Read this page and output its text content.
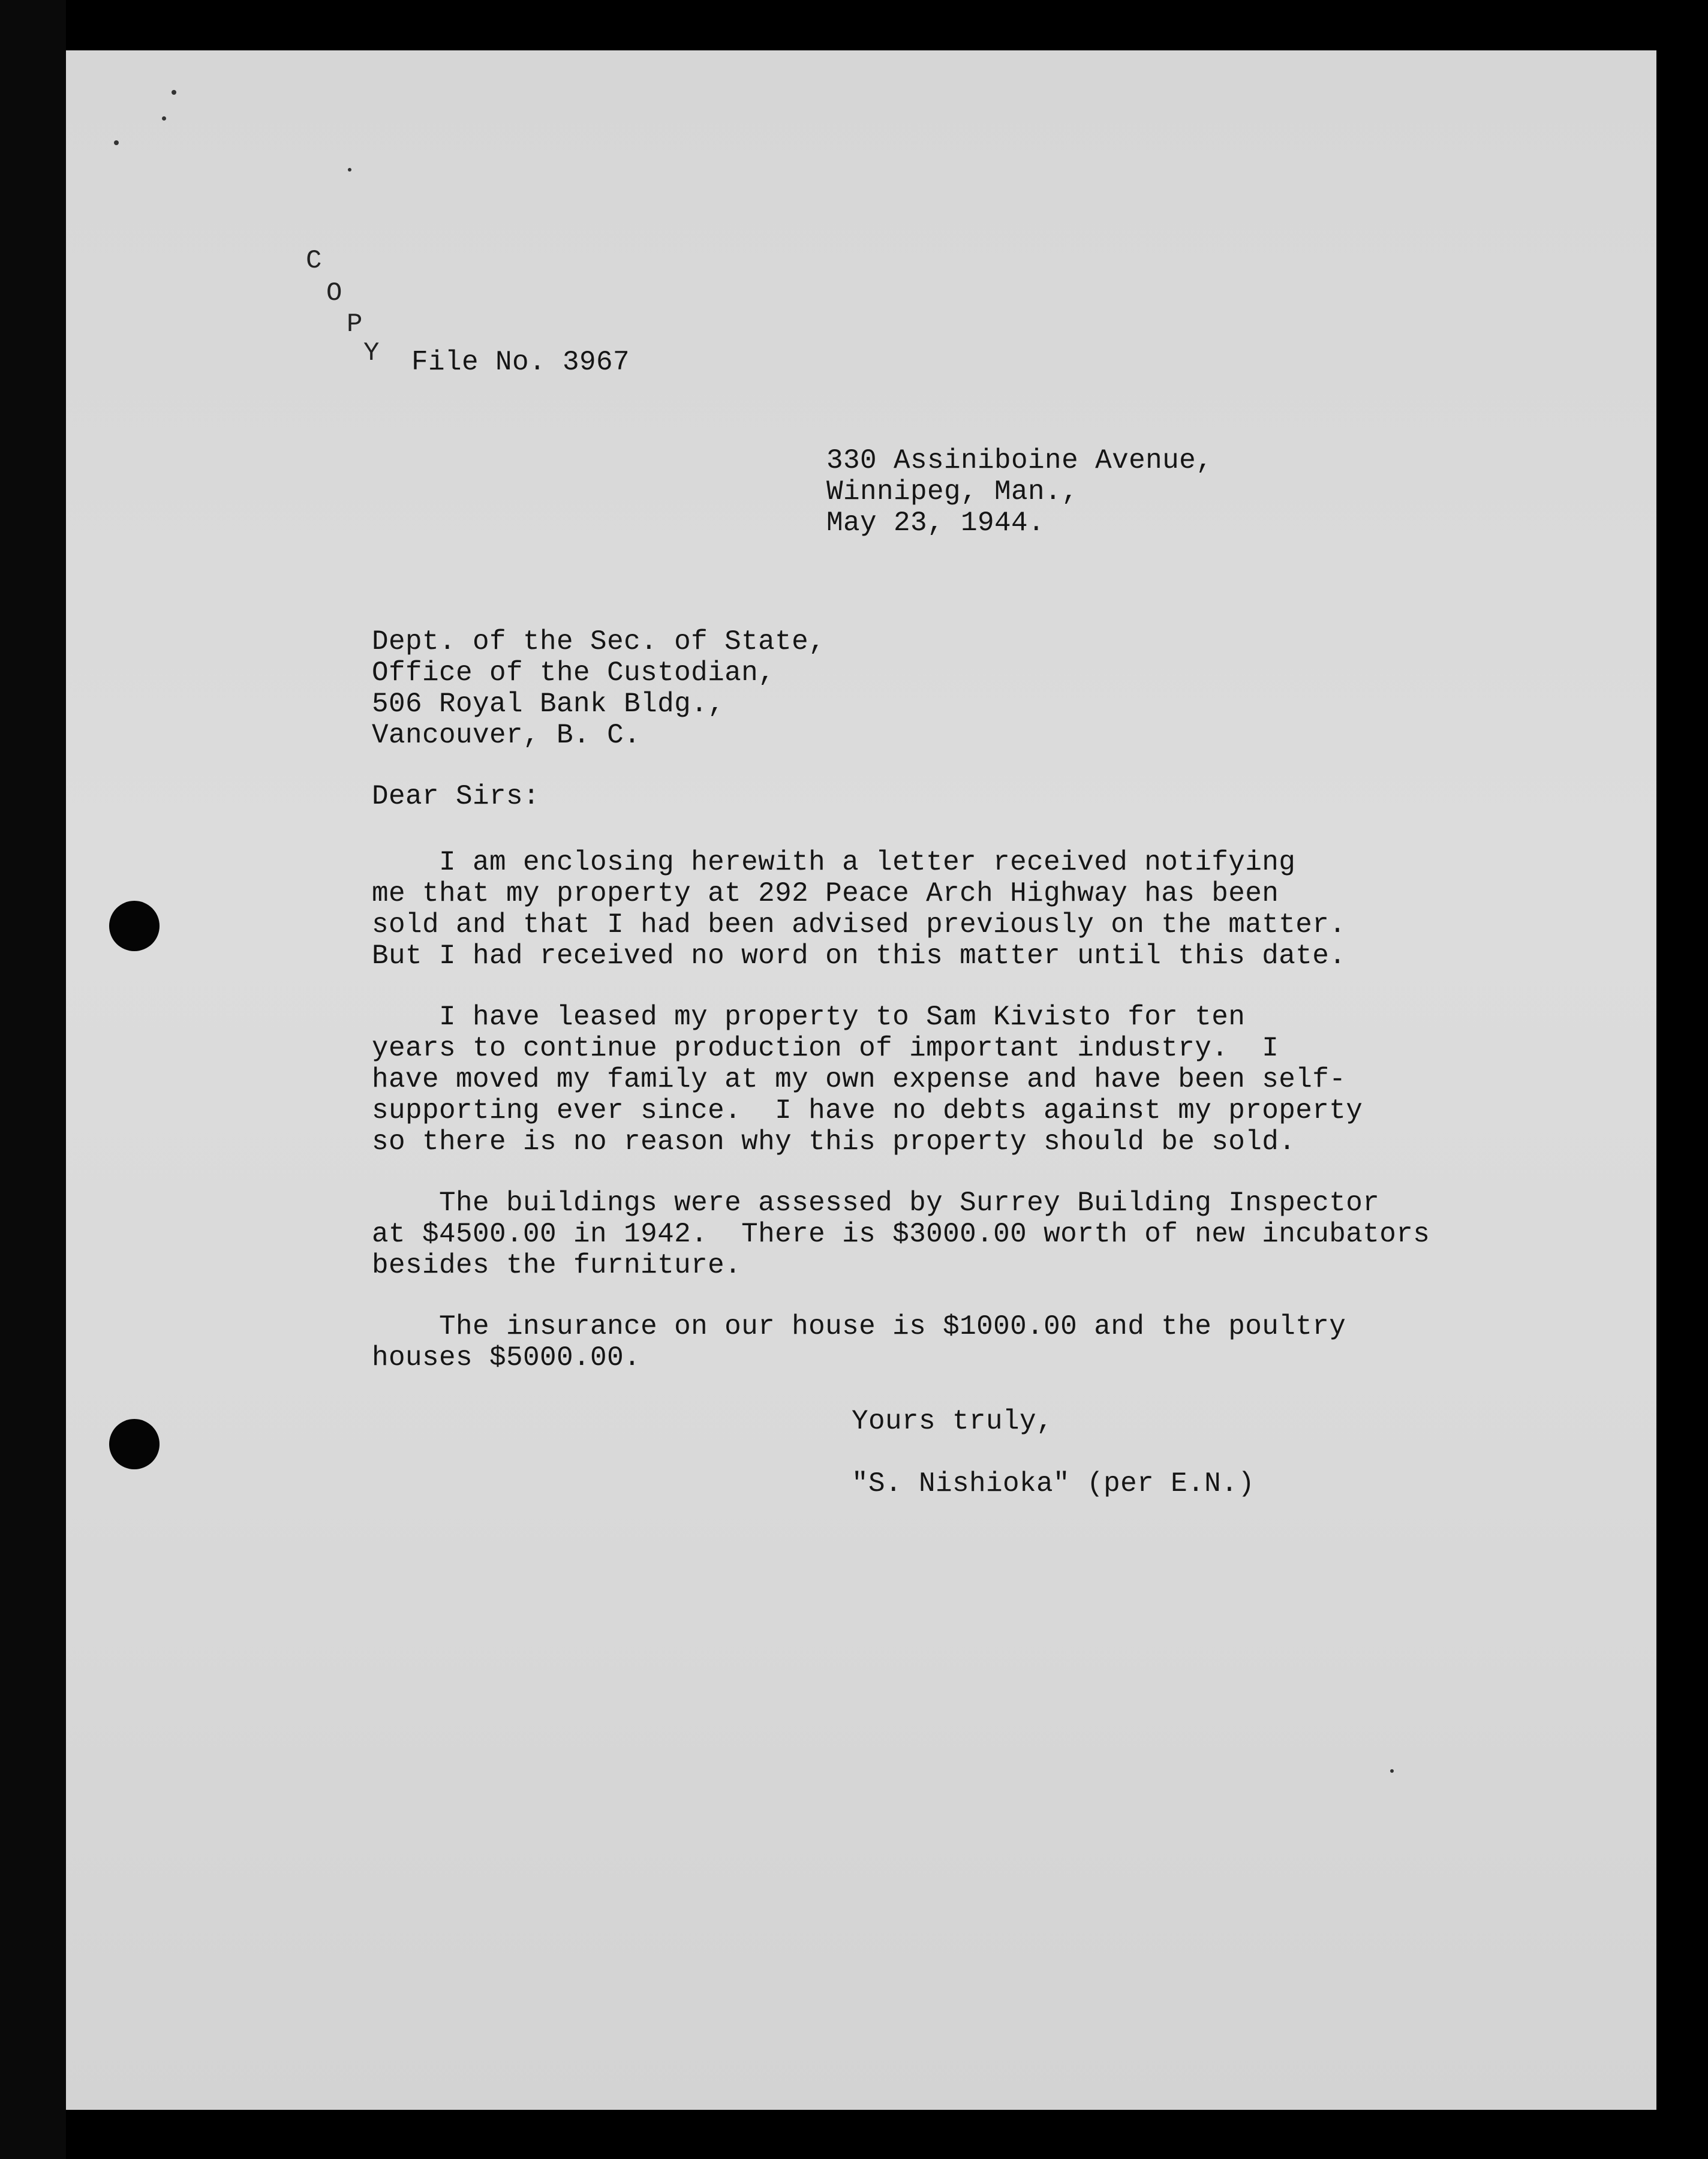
C
O
P
Y File No. 3967
330 Assiniboine Avenue,
Winnipeg, Man.,
May 23, 1944.
Dept. of the Sec. of State,
Office of the Custodian,
506 Royal Bank Bldg.,
Vancouver, B. C.
Dear Sirs:
I am enclosing herewith a letter received notifying
me that my property at 292 Peace Arch Highway has been
sold and that I had been advised previously on the matter.
But I had received no word on this matter until this date.
I have leased my property to Sam Kivisto for ten
years to continue production of important industry.  I
have moved my family at my own expense and have been self-
supporting ever since.  I have no debts against my property
so there is no reason why this property should be sold.
The buildings were assessed by Surrey Building Inspector
at $4500.00 in 1942.  There is $3000.00 worth of new incubators
besides the furniture.
The insurance on our house is $1000.00 and the poultry
houses $5000.00.
Yours truly,
"S. Nishioka" (per E.N.)
